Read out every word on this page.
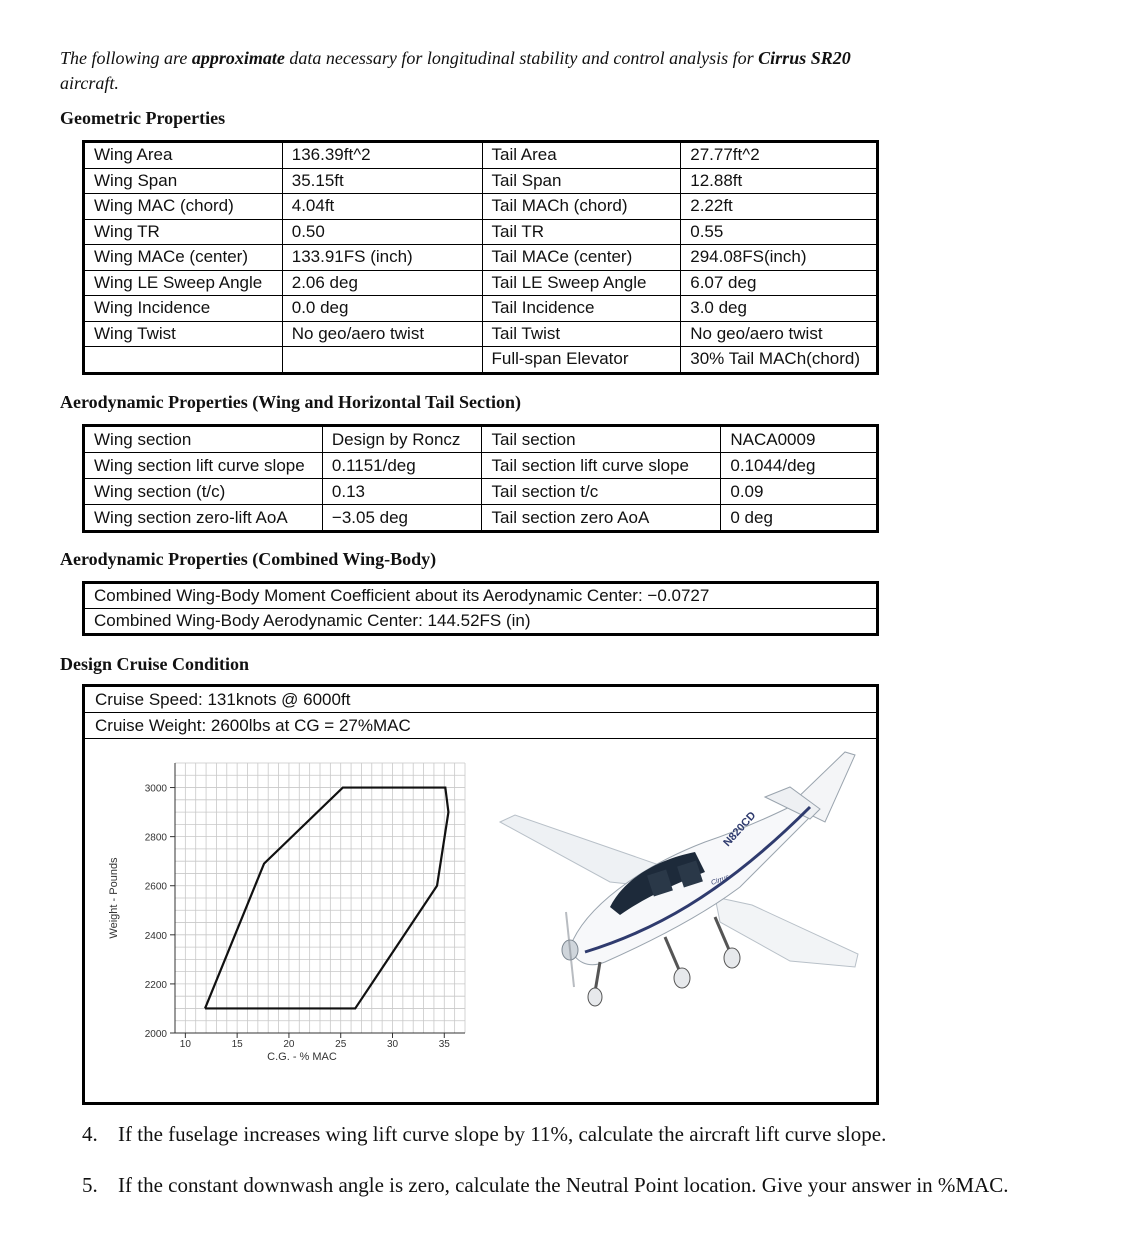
The following are approximate data necessary for longitudinal stability and control analysis for Cirrus SR20
aircraft.
Geometric Properties
Wing Area	136.39ft^2	Tail Area	27.77ft^2
Wing Span	35.15ft	Tail Span	12.88ft
Wing MAC (chord)	4.04ft	Tail MACh (chord)	2.22ft
Wing TR	0.50	Tail TR	0.55
Wing MACe (center)	133.91FS (inch)	Tail MACe (center)	294.08FS(inch)
Wing LE Sweep Angle	2.06 deg	Tail LE Sweep Angle	6.07 deg
Wing Incidence	0.0 deg	Tail Incidence	3.0 deg
Wing Twist	No geo/aero twist	Tail Twist	No geo/aero twist
		Full-span Elevator	30% Tail MACh(chord)
Aerodynamic Properties (Wing and Horizontal Tail Section)
Wing section	Design by Roncz	Tail section	NACA0009
Wing section lift curve slope	0.1151/deg	Tail section lift curve slope	0.1044/deg
Wing section (t/c)	0.13	Tail section t/c	0.09
Wing section zero-lift AoA	−3.05 deg	Tail section zero AoA	0 deg
Aerodynamic Properties (Combined Wing-Body)
Combined Wing-Body Moment Coefficient about its Aerodynamic Center: −0.0727
Combined Wing-Body Aerodynamic Center: 144.52FS (in)
Design Cruise Condition
Cruise Speed: 131knots @ 6000ft
Cruise Weight: 2600lbs at CG = 27%MAC
10	15	20	25	30	35
2000
2200
2400
2600
2800
3000
C.G. - % MAC
Weight - Pounds
N820CD
Cirrus
4. If the fuselage increases wing lift curve slope by 11%, calculate the aircraft lift curve slope.
5. If the constant downwash angle is zero, calculate the Neutral Point location. Give your answer in %MAC.
